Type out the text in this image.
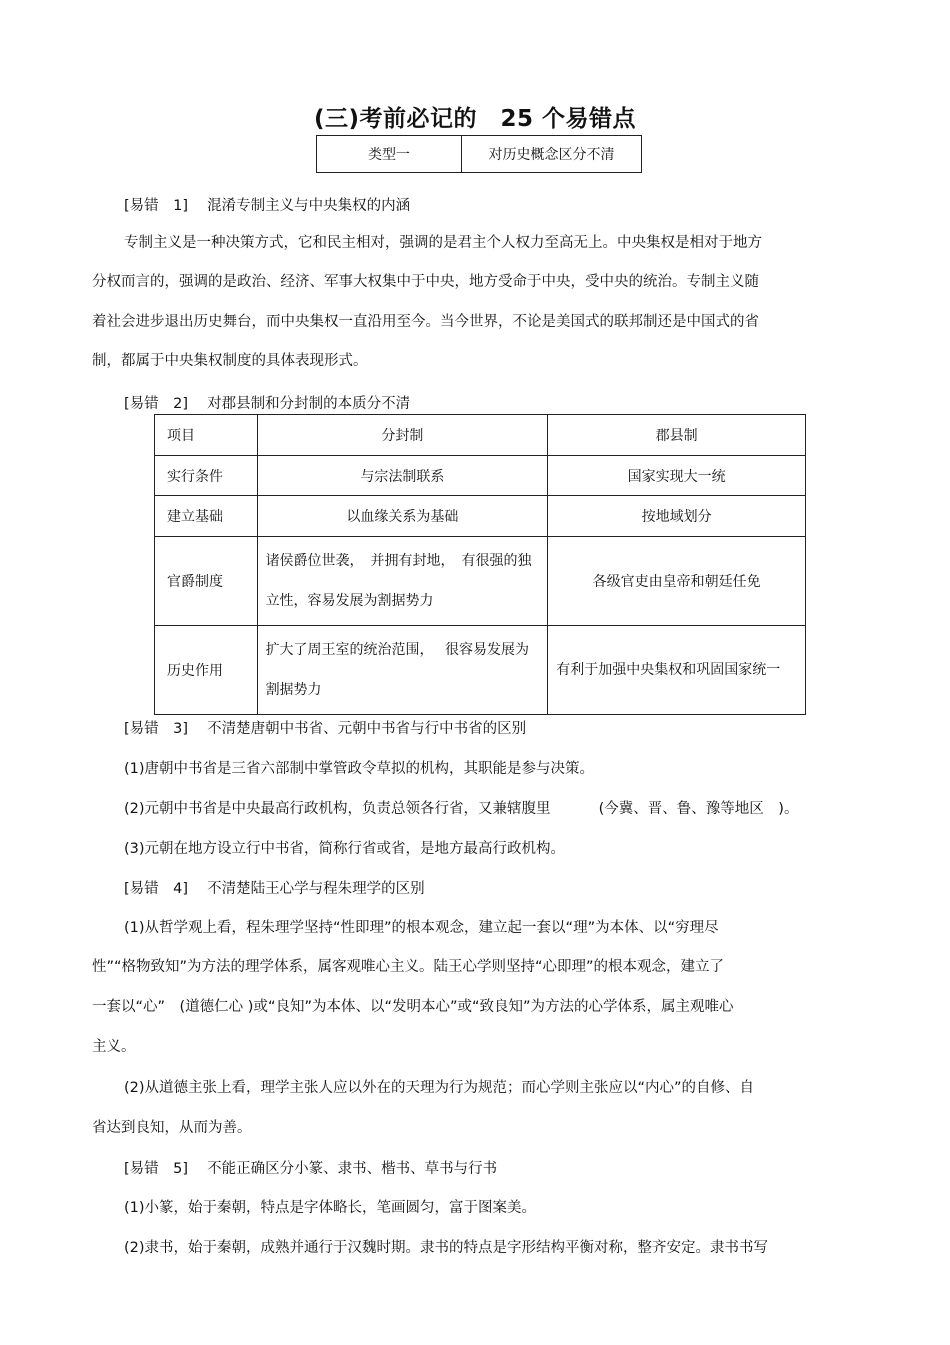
(三)考前必记的　25 个易错点
类型一	对历史概念区分不清
[易错　1]　 混淆专制主义与中央集权的内涵
专制主义是一种决策方式，它和民主相对，强调的是君主个人权力至高无上。中央集权是相对于地方
分权而言的，强调的是政治、经济、军事大权集中于中央，地方受命于中央，受中央的统治。专制主义随
着社会进步退出历史舞台，而中央集权一直沿用至今。当今世界，不论是美国式的联邦制还是中国式的省
制，都属于中央集权制度的具体表现形式。
[易错　2]　 对郡县制和分封制的本质分不清
项目	分封制	郡县制
实行条件	与宗法制联系	国家实现大一统
建立基础	以血缘关系为基础	按地域划分
官爵制度	诸侯爵位世袭，　并拥有封地，　有很强的独立性，容易发展为割据势力	各级官吏由皇帝和朝廷任免
历史作用	扩大了周王室的统治范围，　 很容易发展为割据势力	有利于加强中央集权和巩固国家统一
[易错　3]　 不清楚唐朝中书省、元朝中书省与行中书省的区别
(1)唐朝中书省是三省六部制中掌管政令草拟的机构，其职能是参与决策。
(2)元朝中书省是中央最高行政机构，负责总领各行省，又兼辖腹里　　　 (今冀、晋、鲁、豫等地区　)。
(3)元朝在地方设立行中书省，简称行省或省，是地方最高行政机构。
[易错　4]　 不清楚陆王心学与程朱理学的区别
(1)从哲学观上看，程朱理学坚持“性即理”的根本观念，建立起一套以“理”为本体、以“穷理尽
性”“格物致知”为方法的理学体系，属客观唯心主义。陆王心学则坚持“心即理”的根本观念，建立了
一套以“心”　(道德仁心 )或“良知”为本体、以“发明本心”或“致良知”为方法的心学体系，属主观唯心
主义。
(2)从道德主张上看，理学主张人应以外在的天理为行为规范；而心学则主张应以“内心”的自修、自
省达到良知，从而为善。
[易错　5]　 不能正确区分小篆、隶书、楷书、草书与行书
(1)小篆，始于秦朝，特点是字体略长，笔画圆匀，富于图案美。
(2)隶书，始于秦朝，成熟并通行于汉魏时期。隶书的特点是字形结构平衡对称，整齐安定。隶书书写
